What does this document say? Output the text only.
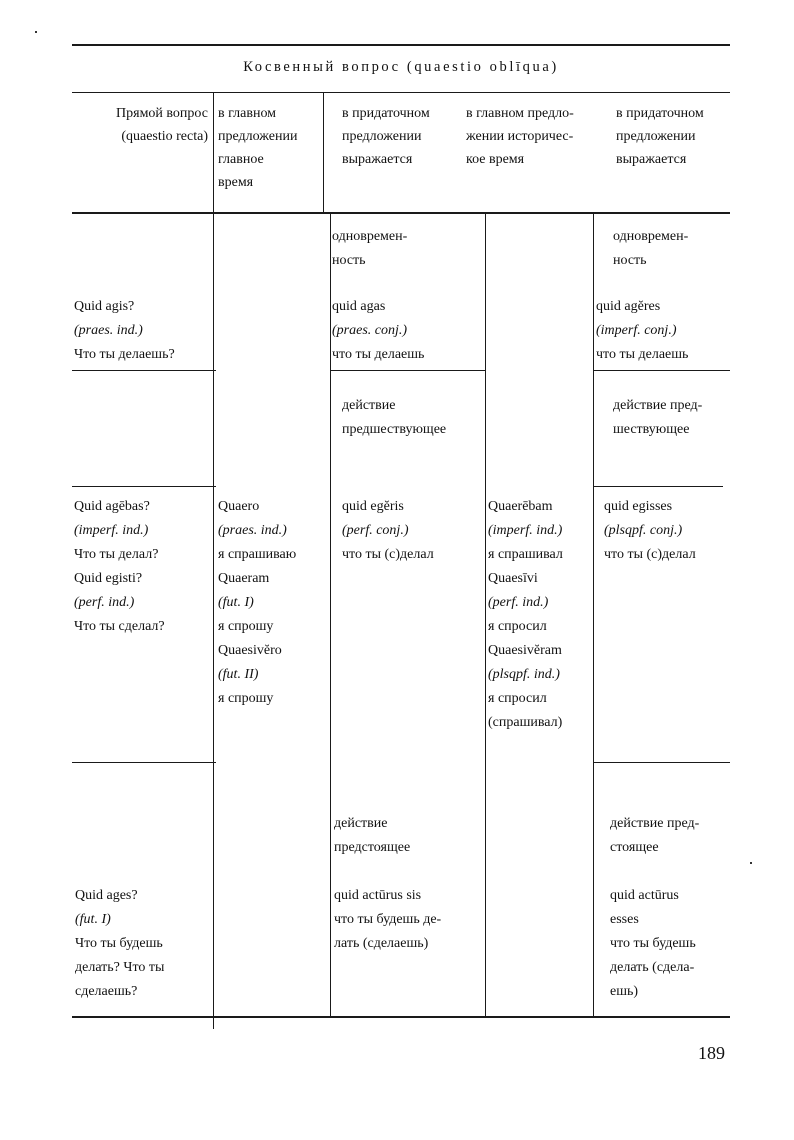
Косвенный вопрос (quaestio oblīqua)
Прямой вопрос
(quaestio recta)
в главном
предложении
главное
время
в придаточном
предложении
выражается
в главном предло-
жении историчес-
кое время
в придаточном
предложении
выражается
одновремен-
ность
одновремен-
ность
Quid agis?
(praes. ind.)
Что ты делаешь?
quid agas
(praes. conj.)
что ты делаешь
quid agĕres
(imperf. conj.)
что ты делаешь
действие
предшествующее
действие пред-
шествующее
Quid agēbas?
(imperf. ind.)
Что ты делал?
Quid egisti?
(perf. ind.)
Что ты сделал?
Quaero
(praes. ind.)
я спрашиваю
Quaeram
(fut. I)
я спрошу
Quaesivĕro
(fut. II)
я спрошу
quid egĕris
(perf. conj.)
что ты (с)делал
Quaerēbam
(imperf. ind.)
я спрашивал
Quaesīvi
(perf. ind.)
я спросил
Quaesivĕram
(plsqpf. ind.)
я спросил
(спрашивал)
quid egisses
(plsqpf. conj.)
что ты (с)делал
действие
предстоящее
действие пред-
стоящее
Quid ages?
(fut. I)
Что ты будешь
делать? Что ты
сделаешь?
quid actūrus sis
что ты будешь де-
лать (сделаешь)
quid actūrus
esses
что ты будешь
делать (сдела-
ешь)
189
